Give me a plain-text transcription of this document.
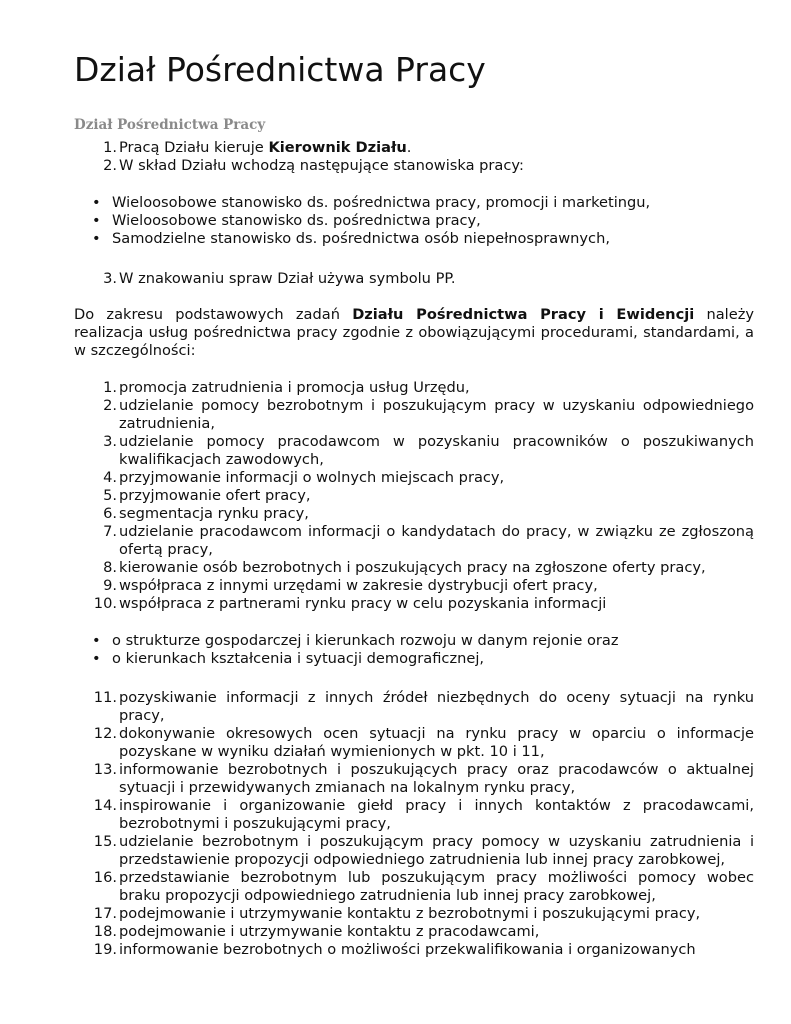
Dział Pośrednictwa Pracy
Dział Pośrednictwa Pracy
1. Pracą Działu kieruje Kierownik Działu.
2. W skład Działu wchodzą następujące stanowiska pracy:
• Wieloosobowe stanowisko ds. pośrednictwa pracy, promocji i marketingu,
• Wieloosobowe stanowisko ds. pośrednictwa pracy,
• Samodzielne stanowisko ds. pośrednictwa osób niepełnosprawnych,
3. W znakowaniu spraw Dział używa symbolu PP.

Do zakresu podstawowych zadań Działu Pośrednictwa Pracy i Ewidencji należy realizacja usług pośrednictwa pracy zgodnie z obowiązującymi procedurami, standardami, a w szczególności:

1. promocja zatrudnienia i promocja usług Urzędu,
2. udzielanie pomocy bezrobotnym i poszukującym pracy w uzyskaniu odpowiedniego zatrudnienia,
3. udzielanie pomocy pracodawcom w pozyskaniu pracowników o poszukiwanych kwalifikacjach zawodowych,
4. przyjmowanie informacji o wolnych miejscach pracy,
5. przyjmowanie ofert pracy,
6. segmentacja rynku pracy,
7. udzielanie pracodawcom informacji o kandydatach do pracy, w związku ze zgłoszoną ofertą pracy,
8. kierowanie osób bezrobotnych i poszukujących pracy na zgłoszone oferty pracy,
9. współpraca z innymi urzędami w zakresie dystrybucji ofert pracy,
10. współpraca z partnerami rynku pracy w celu pozyskania informacji
• o strukturze gospodarczej i kierunkach rozwoju w danym rejonie oraz
• o kierunkach kształcenia i sytuacji demograficznej,
11. pozyskiwanie informacji z innych źródeł niezbędnych do oceny sytuacji na rynku pracy,
12. dokonywanie okresowych ocen sytuacji na rynku pracy w oparciu o informacje pozyskane w wyniku działań wymienionych w pkt. 10 i 11,
13. informowanie bezrobotnych i poszukujących pracy oraz pracodawców o aktualnej sytuacji i przewidywanych zmianach na lokalnym rynku pracy,
14. inspirowanie i organizowanie giełd pracy i innych kontaktów z pracodawcami, bezrobotnymi i poszukującymi pracy,
15. udzielanie bezrobotnym i poszukującym pracy pomocy w uzyskaniu zatrudnienia i przedstawienie propozycji odpowiedniego zatrudnienia lub innej pracy zarobkowej,
16. przedstawianie bezrobotnym lub poszukującym pracy możliwości pomocy wobec braku propozycji odpowiedniego zatrudnienia lub innej pracy zarobkowej,
17. podejmowanie i utrzymywanie kontaktu z bezrobotnymi i poszukującymi pracy,
18. podejmowanie i utrzymywanie kontaktu z pracodawcami,
19. informowanie bezrobotnych o możliwości przekwalifikowania i organizowanych
